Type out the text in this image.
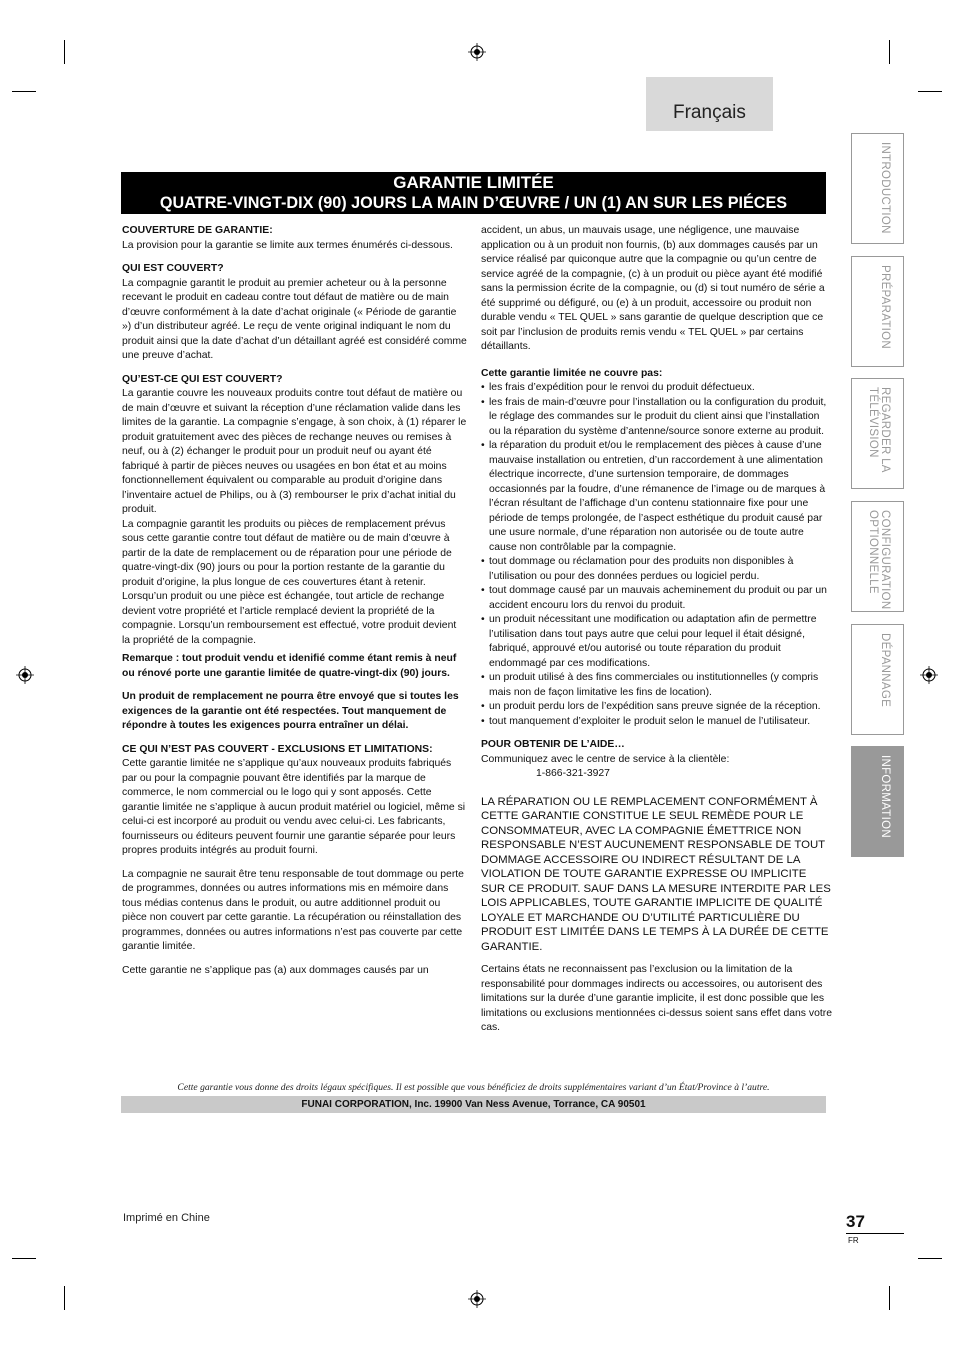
Français
GARANTIE LIMITÉE
QUATRE-VINGT-DIX (90) JOURS LA MAIN D’ŒUVRE / UN (1) AN SUR LES PIÉCES

COUVERTURE DE GARANTIE:

La provision pour la garantie se limite aux termes énumérés ci-dessous.

QUI EST COUVERT?

La compagnie garantit le produit au premier acheteur ou à la personne recevant le produit en cadeau contre tout défaut de matière ou de main d’œuvre conformément à la date d’achat originale (« Période de garantie ») d’un distributeur agréé. Le reçu de vente original indiquant le nom du produit ainsi que la date d’achat d’un détaillant agréé est considéré comme une preuve d’achat.

QU’EST-CE QUI EST COUVERT?

La garantie couvre les nouveaux produits contre tout défaut de matière ou de main d’œuvre et suivant la réception d’une réclamation valide dans les limites de la garantie. La compagnie s’engage, à son choix, à (1) réparer le produit gratuitement avec des pièces de rechange neuves ou remises à neuf, ou à (2) échanger le produit pour un produit neuf ou ayant été fabriqué à partir de pièces neuves ou usagées en bon état et au moins fonctionnellement équivalent ou comparable au produit d’origine dans l’inventaire actuel de Philips, ou à (3) rembourser le prix d’achat initial du produit.

La compagnie garantit les produits ou pièces de remplacement prévus sous cette garantie contre tout défaut de matière ou de main d’œuvre à partir de la date de remplacement ou de réparation pour une période de quatre-vingt-dix (90) jours ou pour la portion restante de la garantie du produit d’origine, la plus longue de ces couvertures étant à retenir. Lorsqu’un produit ou une pièce est échangée, tout article de rechange devient votre propriété et l’article remplacé devient la propriété de la compagnie. Lorsqu’un remboursement est effectué, votre produit devient la propriété de la compagnie.

Remarque : tout produit vendu et idenifié comme étant remis à neuf ou rénové porte une garantie limitée de quatre-vingt-dix (90) jours.

Un produit de remplacement ne pourra être envoyé que si toutes les exigences de la garantie ont été respectées. Tout manquement de répondre à toutes les exigences pourra entraîner un délai.

CE QUI N’EST PAS COUVERT - EXCLUSIONS ET LIMITATIONS:

Cette garantie limitée ne s’applique qu’aux nouveaux produits fabriqués par ou pour la compagnie pouvant être identifiés par la marque de commerce, le nom commercial ou le logo qui y sont apposés. Cette garantie limitée ne s’applique à aucun produit matériel ou logiciel, même si celui-ci est incorporé au produit ou vendu avec celui-ci. Les fabricants, fournisseurs ou éditeurs peuvent fournir une garantie séparée pour leurs propres produits intégrés au produit fourni.

La compagnie ne saurait être tenu responsable de tout dommage ou perte de programmes, données ou autres informations mis en mémoire dans tous médias contenus dans le produit, ou autre additionnel produit ou pièce non couvert par cette garantie. La récupération ou réinstallation des programmes, données ou autres informations n’est pas couverte par cette garantie limitée.

Cette garantie ne s’applique pas (a) aux dommages causés par un

accident, un abus, un mauvais usage, une négligence, une mauvaise application ou à un produit non fournis, (b) aux dommages causés par un service réalisé par quiconque autre que la compagnie ou qu’un centre de service agréé de la compagnie, (c) à un produit ou pièce ayant été modifié sans la permission écrite de la compagnie, ou (d) si tout numéro de série a été supprimé ou défiguré, ou (e) à un produit, accessoire ou produit non durable vendu « TEL QUEL » sans garantie de quelque description que ce soit par l’inclusion de produits remis vendu « TEL QUEL » par certains détaillants.

Cette garantie limitée ne couvre pas:

• les frais d’expédition pour le renvoi du produit défectueux.
• les frais de main-d’œuvre pour l’installation ou la configuration du produit, le réglage des commandes sur le produit du client ainsi que l’installation ou la réparation du système d’antenne/source sonore externe au produit.
• la réparation du produit et/ou le remplacement des pièces à cause d’une mauvaise installation ou entretien, d’un raccordement à une alimentation électrique incorrecte, d’une surtension temporaire, de dommages occasionnés par la foudre, d’une rémanence de l’image ou de marques à l’écran résultant de l’affichage d’un contenu stationnaire fixe pour une période de temps prolongée, de l’aspect esthétique du produit causé par une usure normale, d’une réparation non autorisée ou de toute autre cause non contrôlable par la compagnie.
• tout dommage ou réclamation pour des produits non disponibles à l’utilisation ou pour des données perdues ou logiciel perdu.
• tout dommage causé par un mauvais acheminement du produit ou par un accident encouru lors du renvoi du produit.
• un produit nécessitant une modification ou adaptation afin de permettre l’utilisation dans tout pays autre que celui pour lequel il était désigné, fabriqué, approuvé et/ou autorisé ou toute réparation du produit endommagé par ces modifications.
• un produit utilisé à des fins commerciales ou institutionnelles (y compris mais non de façon limitative les fins de location).
• un produit perdu lors de l’expédition sans preuve signée de la réception.
• tout manquement d’exploiter le produit selon le manuel de l’utilisateur.

POUR OBTENIR DE L’AIDE…

Communiquez avec le centre de service à la clientèle:

1-866-321-3927

LA RÉPARATION OU LE REMPLACEMENT CONFORMÉMENT À CETTE GARANTIE CONSTITUE LE SEUL REMÈDE POUR LE CONSOMMATEUR, AVEC LA COMPAGNIE ÉMETTRICE NON RESPONSABLE N’EST AUCUNEMENT RESPONSABLE DE TOUT DOMMAGE ACCESSOIRE OU INDIRECT RÉSULTANT DE LA VIOLATION DE TOUTE GARANTIE EXPRESSE OU IMPLICITE SUR CE PRODUIT. SAUF DANS LA MESURE INTERDITE PAR LES LOIS APPLICABLES, TOUTE GARANTIE IMPLICITE DE QUALITÉ LOYALE ET MARCHANDE OU D’UTILITÉ PARTICULIÈRE DU PRODUIT EST LIMITÉE DANS LE TEMPS À LA DURÉE DE CETTE GARANTIE.

Certains états ne reconnaissent pas l’exclusion ou la limitation de la responsabilité pour dommages indirects ou accessoires, ou autorisent des limitations sur la durée d’une garantie implicite, il est donc possible que les limitations ou exclusions mentionnées ci-dessus soient sans effet dans votre cas.

Cette garantie vous donne des droits légaux spécifiques. Il est possible que vous bénéficiez de droits supplémentaires variant d’un État/Province à l’autre.
FUNAI CORPORATION, Inc. 19900 Van Ness Avenue, Torrance, CA 90501
INTRODUCTION
PRÉPARATION
REGARDER LA
TÉLÉVISION
CONFIGURATION
OPTIONNELLE
DÉPANNAGE
INFORMATION
Imprimé en Chine	37
FR
